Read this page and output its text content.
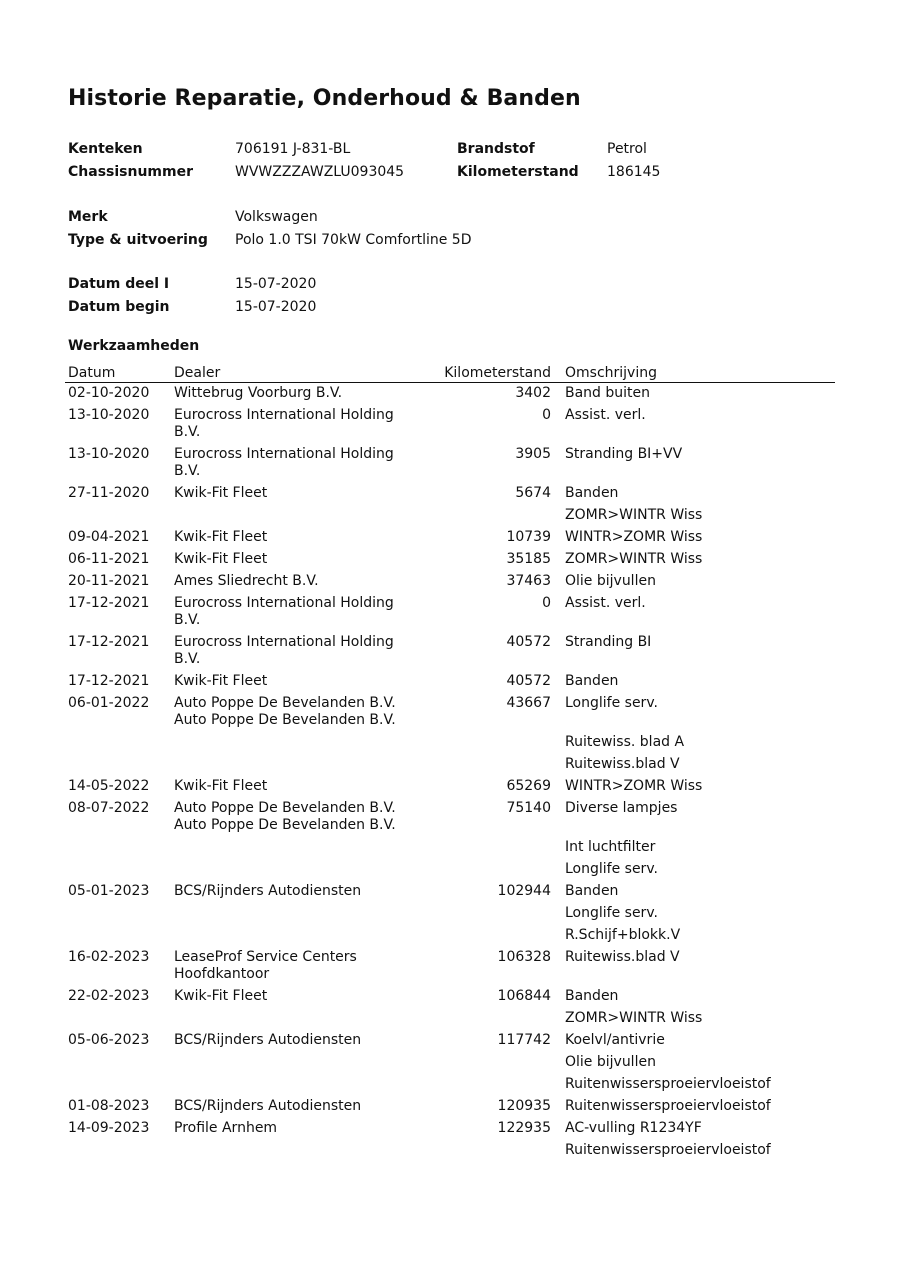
Historie Reparatie, Onderhoud & Banden
Kenteken	706191 J-831-BL	Brandstof	Petrol
Chassisnummer	WVWZZZAWZLU093045	Kilometerstand 186145
Merk	Volkswagen
Type & uitvoering Polo 1.0 TSI 70kW Comfortline 5D
Datum deel I	15-07-2020
Datum begin	15-07-2020
Werkzaamheden
Datum	Dealer	Kilometerstand Omschrijving
02-10-2020 Wittebrug Voorburg B.V.	3402 Band buiten
13-10-2020 Eurocross International Holding
B.V.
0 Assist. verl.
13-10-2020 Eurocross International Holding
B.V.
3905 Stranding BI+VV
27-11-2020 Kwik-Fit Fleet	5674 Banden
ZOMR>WINTR Wiss
09-04-2021 Kwik-Fit Fleet	10739 WINTR>ZOMR Wiss
06-11-2021 Kwik-Fit Fleet	35185 ZOMR>WINTR Wiss
20-11-2021 Ames Sliedrecht B.V.	37463 Olie bijvullen
17-12-2021 Eurocross International Holding
B.V.
0 Assist. verl.
17-12-2021 Eurocross International Holding
B.V.
40572 Stranding BI
17-12-2021 Kwik-Fit Fleet	40572 Banden
06-01-2022 Auto Poppe De Bevelanden B.V.
Auto Poppe De Bevelanden B.V.
43667 Longlife serv.
Ruitewiss. blad A
Ruitewiss.blad V
14-05-2022 Kwik-Fit Fleet	65269 WINTR>ZOMR Wiss
08-07-2022 Auto Poppe De Bevelanden B.V.
Auto Poppe De Bevelanden B.V.
75140 Diverse lampjes
Int luchtfilter
Longlife serv.
05-01-2023 BCS/Rijnders Autodiensten	102944 Banden
Longlife serv.
R.Schijf+blokk.V
16-02-2023 LeaseProf Service Centers
Hoofdkantoor
106328 Ruitewiss.blad V
22-02-2023 Kwik-Fit Fleet	106844 Banden
ZOMR>WINTR Wiss
05-06-2023 BCS/Rijnders Autodiensten	117742 Koelvl/antivrie
Olie bijvullen
Ruitenwissersproeiervloeistof
01-08-2023 BCS/Rijnders Autodiensten	120935 Ruitenwissersproeiervloeistof
14-09-2023 Profile Arnhem	122935 AC-vulling R1234YF
Ruitenwissersproeiervloeistof
